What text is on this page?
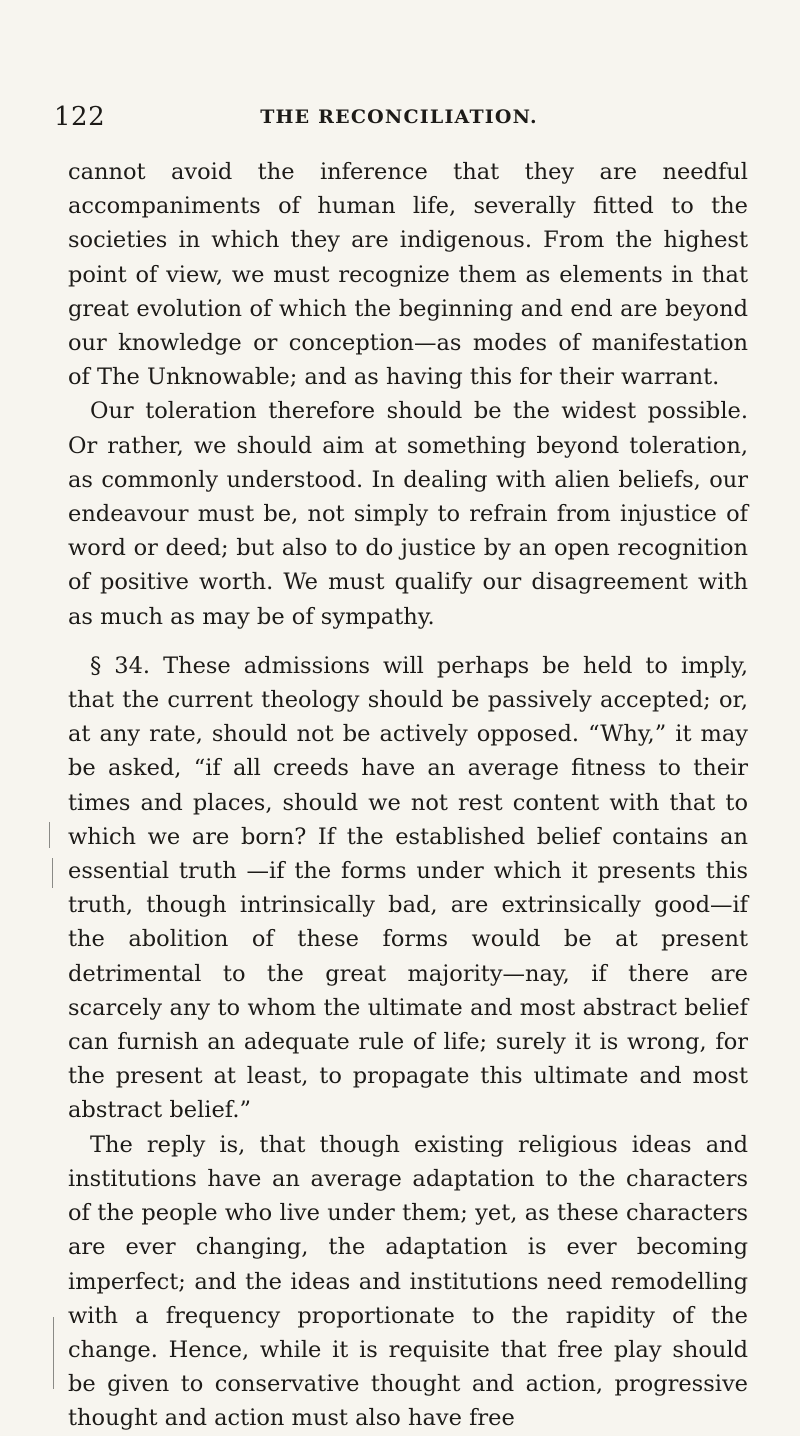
122	THE RECONCILIATION.

cannot avoid the inference that they are needful accompaniments of human life, severally fitted to the societies in which they are indigenous. From the highest point of view, we must recognize them as elements in that great evolution of which the beginning and end are beyond our knowledge or conception—as modes of manifestation of The Unknowable; and as having this for their warrant.

Our toleration therefore should be the widest possible. Or rather, we should aim at something beyond toleration, as commonly understood. In dealing with alien beliefs, our endeavour must be, not simply to refrain from injustice of word or deed; but also to do justice by an open recognition of positive worth. We must qualify our disagreement with as much as may be of sympathy.

§ 34. These admissions will perhaps be held to imply, that the current theology should be passively accepted; or, at any rate, should not be actively opposed. “Why,” it may be asked, “if all creeds have an average fitness to their times and places, should we not rest content with that to which we are born? If the established belief contains an essential truth —if the forms under which it presents this truth, though intrinsically bad, are extrinsically good—if the abolition of these forms would be at present detrimental to the great majority—nay, if there are scarcely any to whom the ultimate and most abstract belief can furnish an adequate rule of life; surely it is wrong, for the present at least, to propagate this ultimate and most abstract belief.”

The reply is, that though existing religious ideas and institutions have an average adaptation to the characters of the people who live under them; yet, as these characters are ever changing, the adaptation is ever becoming imperfect; and the ideas and institutions need remodelling with a frequency proportionate to the rapidity of the change. Hence, while it is requisite that free play should be given to conservative thought and action, progressive thought and action must also have free
